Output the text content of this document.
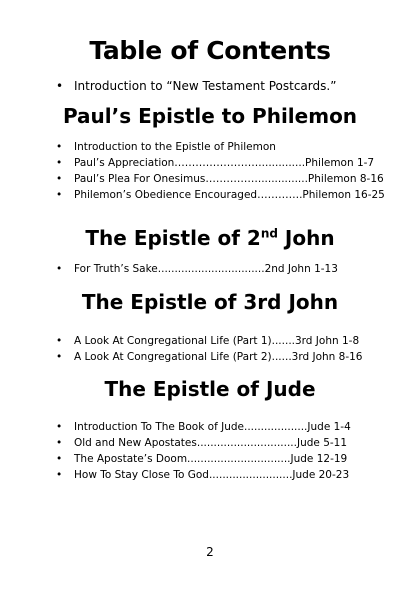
Table of Contents
• Introduction to “New Testament Postcards.”
Paul’s Epistle to Philemon
• Introduction to the Epistle of Philemon
• Paul’s Appreciation……………………..............Philemon 1-7
• Paul’s Plea For Onesimus……………...............Philemon 8-16
• Philemon’s Obedience Encouraged………….Philemon 16-25
The Epistle of 2nd John
• For Truth’s Sake................................2nd John 1-13
The Epistle of 3rd John
• A Look At Congregational Life (Part 1).......3rd John 1-8
• A Look At Congregational Life (Part 2)......3rd John 8-16
The Epistle of Jude
• Introduction To The Book of Jude...................Jude 1-4
• Old and New Apostates..............................Jude 5-11
• The Apostate’s Doom...............................Jude 12-19
• How To Stay Close To God.........................Jude 20-23
2
